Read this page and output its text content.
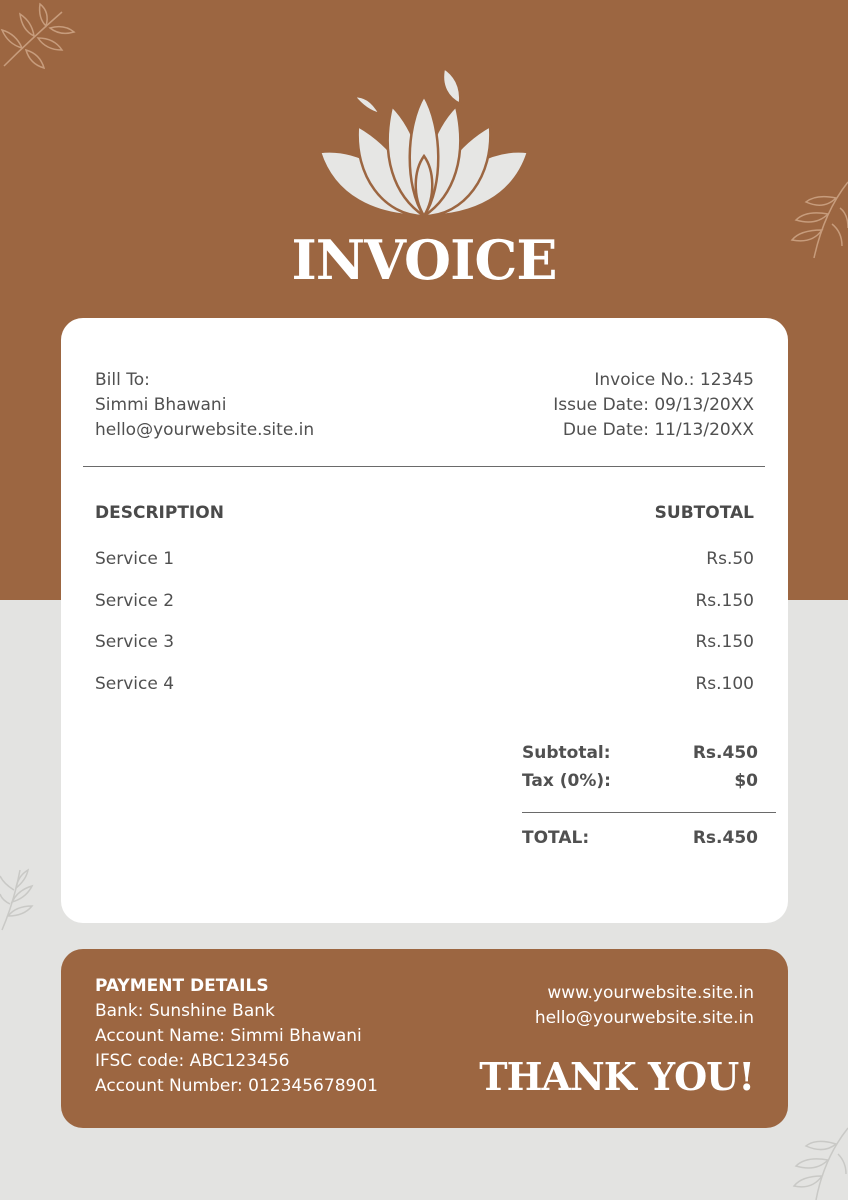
INVOICE
Bill To:
Simmi Bhawani
hello@yourwebsite.site.in
Invoice No.: 12345
Issue Date: 09/13/20XX
Due Date: 11/13/20XX
DESCRIPTION	SUBTOTAL
Service 1	Rs.50
Service 2	Rs.150
Service 3	Rs.150
Service 4	Rs.100
Subtotal:	Rs.450
Tax (0%):	$0
TOTAL:	Rs.450
PAYMENT DETAILS
Bank: Sunshine Bank
Account Name: Simmi Bhawani
IFSC code: ABC123456
Account Number: 012345678901
www.yourwebsite.site.in
hello@yourwebsite.site.in
THANK YOU!
